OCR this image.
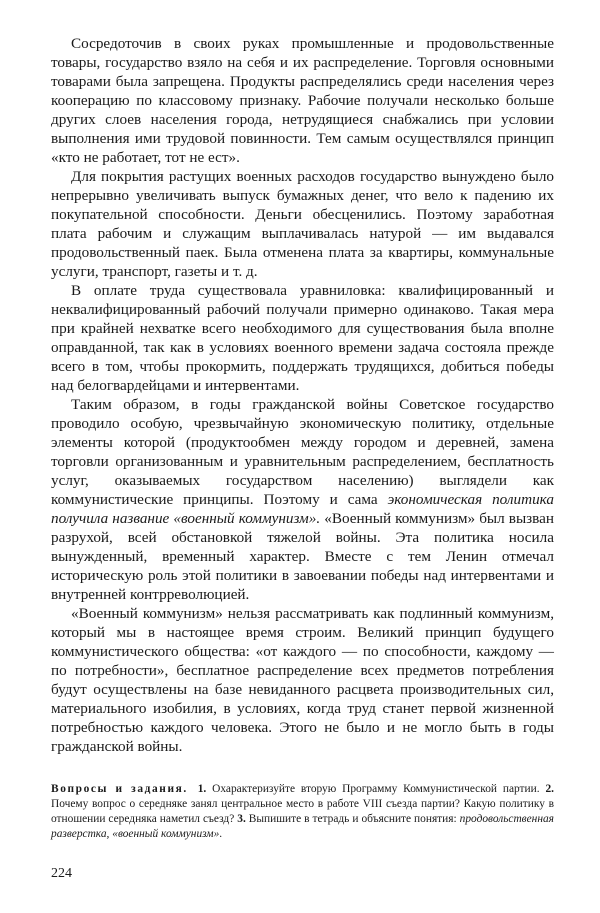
Сосредоточив в своих руках промышленные и продовольственные товары, государство взяло на себя и их распределение. Торговля основными товарами была запрещена. Продукты распределялись среди населения через кооперацию по классовому признаку. Рабочие получали несколько больше других слоев населения города, нетрудящиеся снабжались при условии выполнения ими трудовой повинности. Тем самым осуществлялся принцип «кто не работает, тот не ест».

Для покрытия растущих военных расходов государство вынуждено было непрерывно увеличивать выпуск бумажных денег, что вело к падению их покупательной способности. Деньги обесценились. Поэтому заработная плата рабочим и служащим выплачивалась натурой — им выдавался продовольственный паек. Была отменена плата за квартиры, коммунальные услуги, транспорт, газеты и т. д.

В оплате труда существовала уравниловка: квалифицированный и неквалифицированный рабочий получали примерно одинаково. Такая мера при крайней нехватке всего необходимого для существования была вполне оправданной, так как в условиях военного времени задача состояла прежде всего в том, чтобы прокормить, поддержать трудящихся, добиться победы над белогвардейцами и интервентами.

Таким образом, в годы гражданской войны Советское государство проводило особую, чрезвычайную экономическую политику, отдельные элементы которой (продуктообмен между городом и деревней, замена торговли организованным и уравнительным распределением, бесплатность услуг, оказываемых государством населению) выглядели как коммунистические принципы. Поэтому и сама экономическая политика получила название «военный коммунизм». «Военный коммунизм» был вызван разрухой, всей обстановкой тяжелой войны. Эта политика носила вынужденный, временный характер. Вместе с тем Ленин отмечал историческую роль этой политики в завоевании победы над интервентами и внутренней контрреволюцией.

«Военный коммунизм» нельзя рассматривать как подлинный коммунизм, который мы в настоящее время строим. Великий принцип будущего коммунистического общества: «от каждого — по способности, каждому — по потребности», бесплатное распределение всех предметов потребления будут осуществлены на базе невиданного расцвета производительных сил, материального изобилия, в условиях, когда труд станет первой жизненной потребностью каждого человека. Этого не было и не могло быть в годы гражданской войны.

Вопросы и задания. 1. Охарактеризуйте вторую Программу Коммунистической партии. 2. Почему вопрос о середняке занял центральное место в работе VIII съезда партии? Какую политику в отношении середняка наметил съезд? 3. Выпишите в тетрадь и объясните понятия: продовольственная разверстка, «военный коммунизм».

224
